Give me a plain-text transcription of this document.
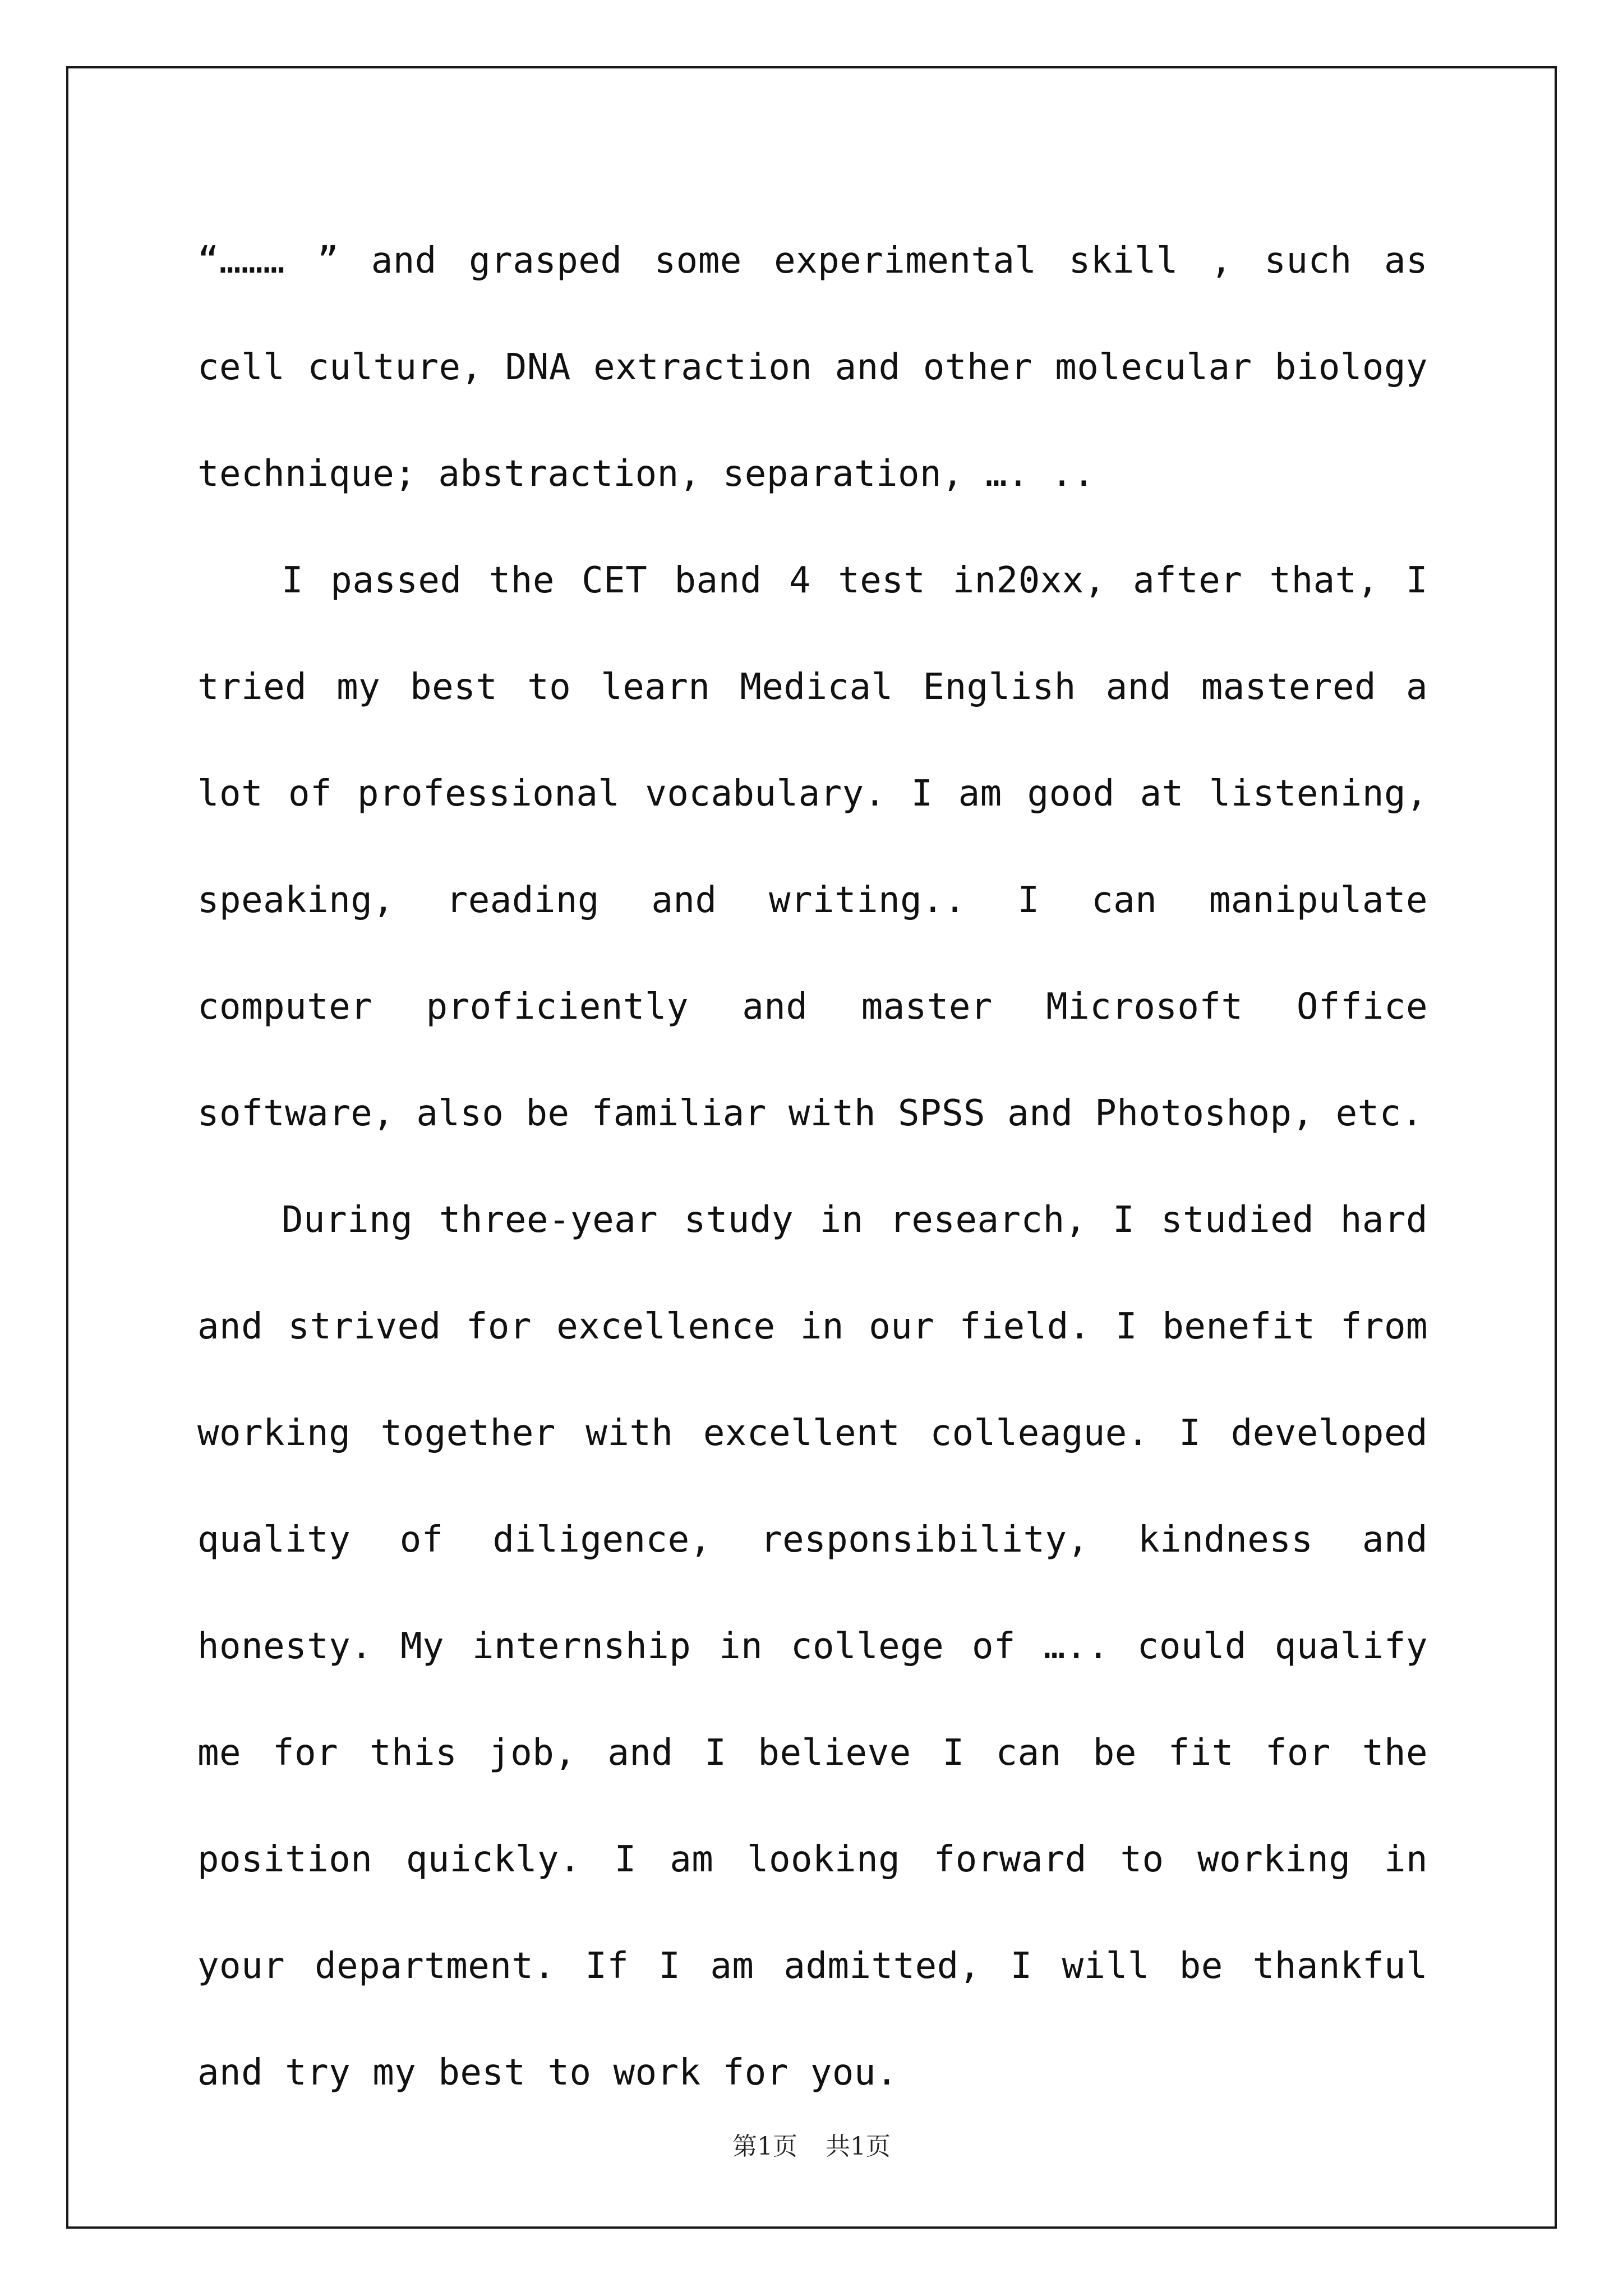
“……… ” and grasped some experimental skill , such as cell culture, DNA extraction and other molecular biology technique; abstraction, separation, …. ..

I passed the CET band 4 test in20xx, after that, I tried my best to learn Medical English and mastered a lot of professional vocabulary. I am good at listening, speaking, reading and writing.. I can manipulate computer proficiently and master Microsoft Office software, also be familiar with SPSS and Photoshop, etc.

During three-year study in research, I studied hard and strived for excellence in our field. I benefit from working together with excellent colleague. I developed quality of diligence, responsibility, kindness and honesty. My internship in college of ….. could qualify me for this job, and I believe I can be fit for the position quickly. I am looking forward to working in your department. If I am admitted, I will be thankful and try my best to work for you.

第1页 共1页
